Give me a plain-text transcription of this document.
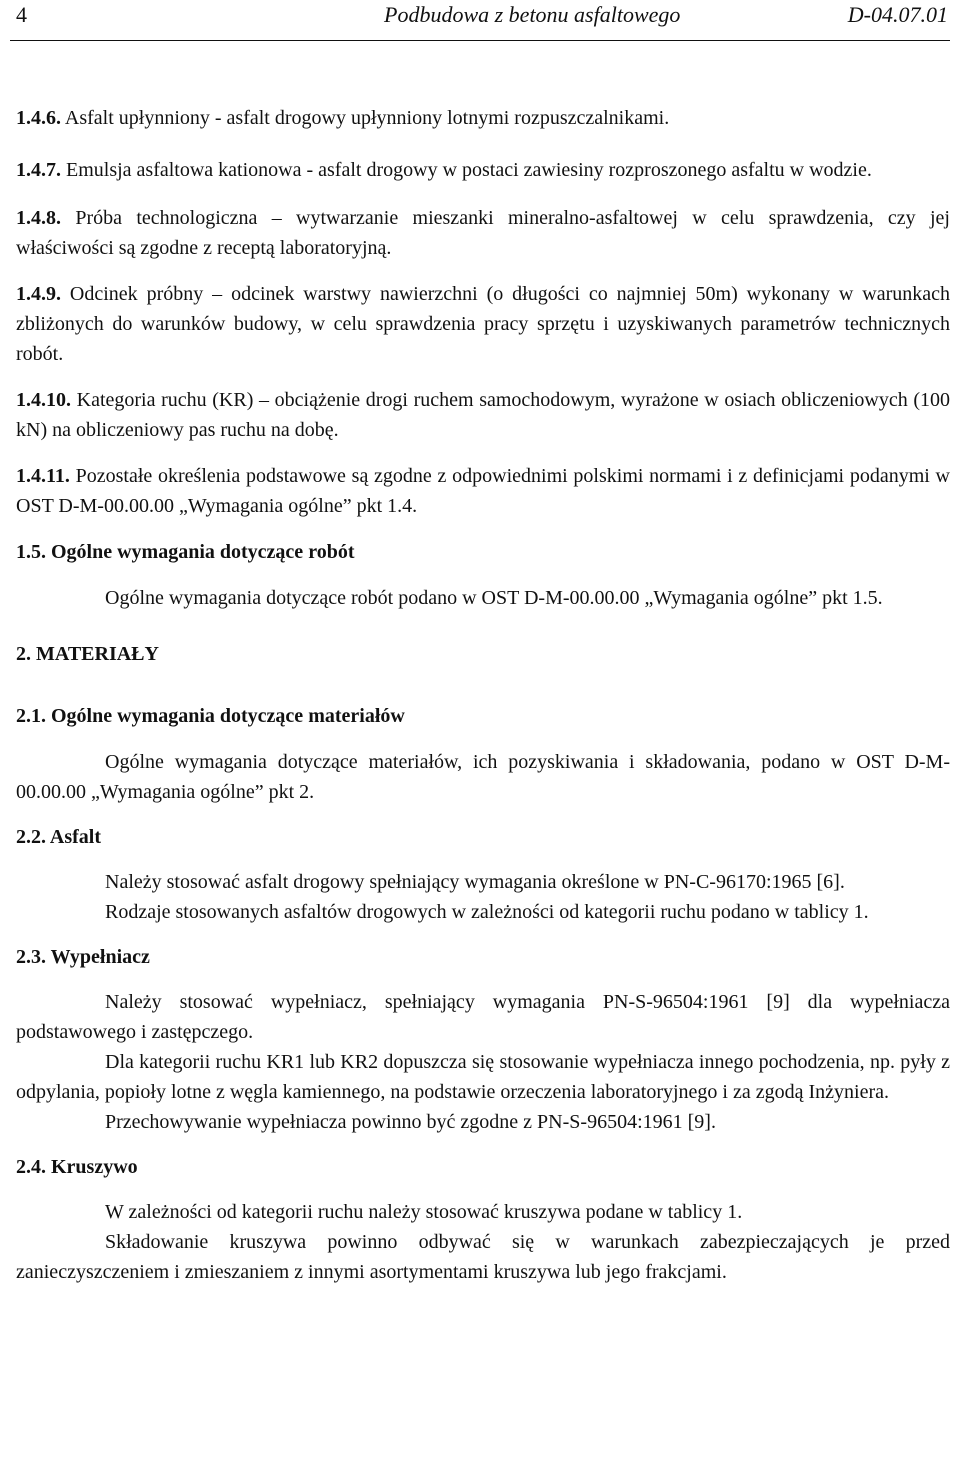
4	Podbudowa z betonu asfaltowego	D-04.07.01

1.4.6. Asfalt upłynniony - asfalt drogowy upłynniony lotnymi rozpuszczalnikami.

1.4.7. Emulsja asfaltowa kationowa - asfalt drogowy w postaci zawiesiny rozproszonego asfaltu w wodzie.

1.4.8. Próba technologiczna – wytwarzanie mieszanki mineralno-asfaltowej w celu sprawdzenia, czy jej właściwości są zgodne z receptą laboratoryjną.

1.4.9. Odcinek próbny – odcinek warstwy nawierzchni (o długości co najmniej 50m) wykonany w warunkach zbliżonych do warunków budowy, w celu sprawdzenia pracy sprzętu i uzyskiwanych parametrów technicznych robót.

1.4.10. Kategoria ruchu (KR) – obciążenie drogi ruchem samochodowym, wyrażone w osiach obliczeniowych (100 kN) na obliczeniowy pas ruchu na dobę.

1.4.11. Pozostałe określenia podstawowe są zgodne z odpowiednimi polskimi normami i z definicjami podanymi w OST D-M-00.00.00 „Wymagania ogólne” pkt 1.4.

1.5. Ogólne wymagania dotyczące robót

Ogólne wymagania dotyczące robót podano w OST D-M-00.00.00 „Wymagania ogólne” pkt 1.5.

2. MATERIAŁY

2.1. Ogólne wymagania dotyczące materiałów

Ogólne wymagania dotyczące materiałów, ich pozyskiwania i składowania, podano w OST D-M-00.00.00 „Wymagania ogólne” pkt 2.

2.2. Asfalt

Należy stosować asfalt drogowy spełniający wymagania określone w PN-C-96170:1965 [6].

Rodzaje stosowanych asfaltów drogowych w zależności od kategorii ruchu podano w tablicy 1.

2.3. Wypełniacz

Należy stosować wypełniacz, spełniający wymagania PN-S-96504:1961 [9] dla wypełniacza podstawowego i zastępczego.

Dla kategorii ruchu KR1 lub KR2 dopuszcza się stosowanie wypełniacza innego pochodzenia, np. pyły z odpylania, popioły lotne z węgla kamiennego, na podstawie orzeczenia laboratoryjnego i za zgodą Inżyniera.

Przechowywanie wypełniacza powinno być zgodne z PN-S-96504:1961 [9].

2.4. Kruszywo

W zależności od kategorii ruchu należy stosować kruszywa podane w tablicy 1.

Składowanie kruszywa powinno odbywać się w warunkach zabezpieczających je przed zanieczyszczeniem i zmieszaniem z innymi asortymentami kruszywa lub jego frakcjami.
